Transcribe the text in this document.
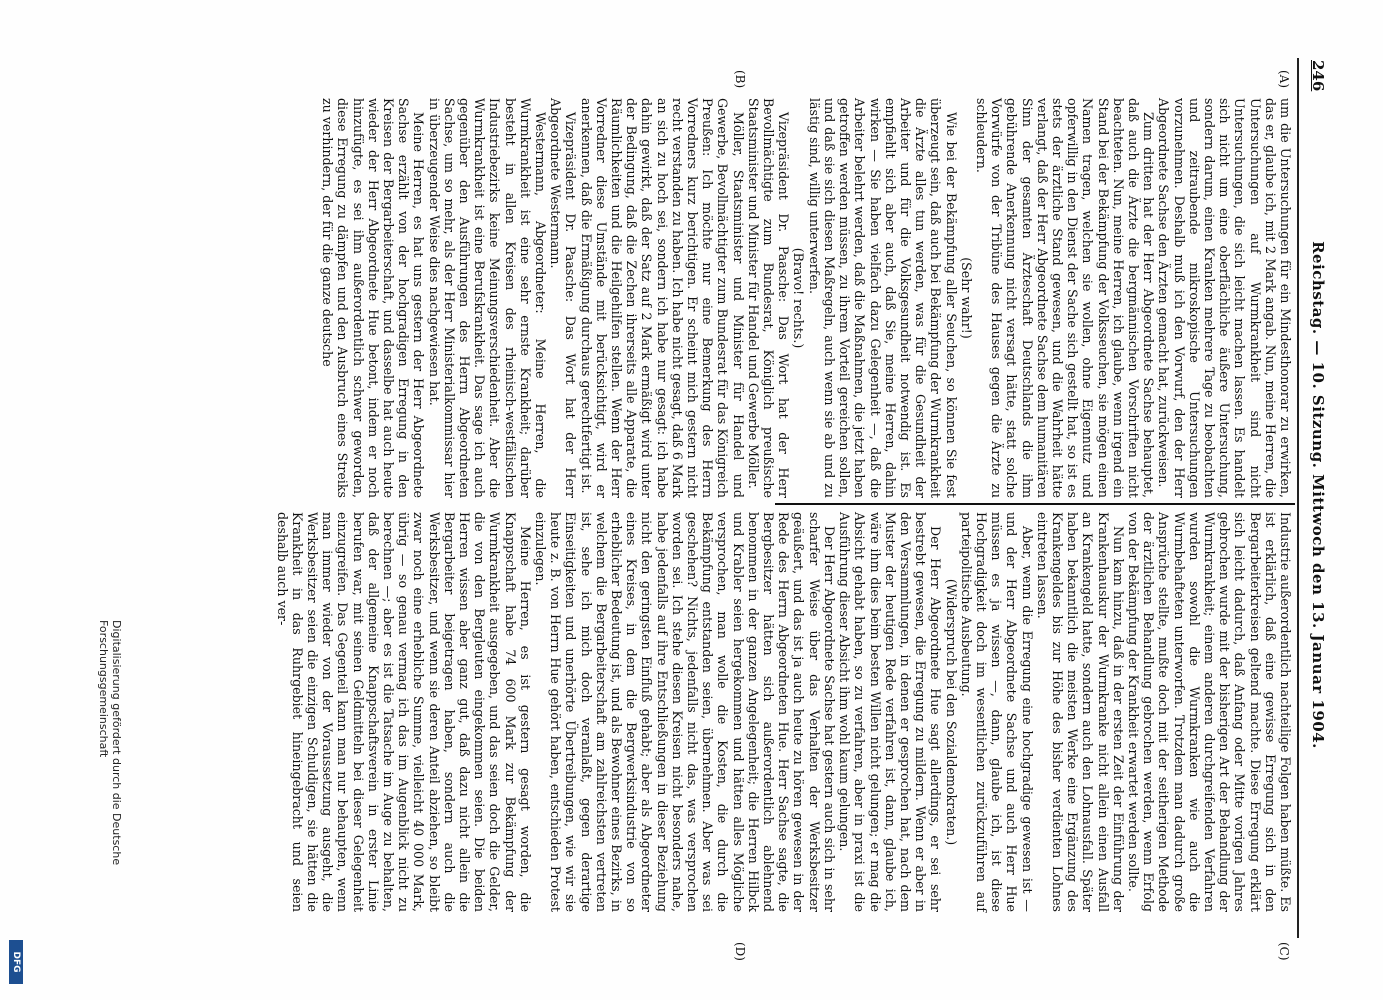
246
Reichstag. — 10. Sitzung. Mittwoch den 13. Januar 1904.
(A)
(B)
(C)
(D)

um die Untersuchungen für ein Mindesthonorar zu erwirken, das er, glaube ich, mit 2 Mark angab. Nun, meine Herren, die Untersuchungen auf Wurmkrankheit sind nicht Untersuchungen, die sich leicht machen lassen. Es handelt sich nicht um eine oberflächliche äußere Untersuchung, sondern darum, einen Kranken mehrere Tage zu beobachten und zeitraubende mikroskopische Untersuchungen vorzunehmen. Deshalb muß ich den Vorwurf, den der Herr Abgeordnete Sachse den Ärzten gemacht hat, zurückweisen.

Zum dritten hat der Herr Abgeordnete Sachse behauptet, daß auch die Ärzte die bergmännischen Vorschriften nicht beachteten. Nun, meine Herren, ich glaube, wenn irgend ein Stand bei der Bekämpfung der Volksseuchen, sie mögen einen Namen tragen, welchen sie wollen, ohne Eigennutz und opferwillig in den Dienst der Sache sich gestellt hat, so ist es stets der ärztliche Stand gewesen, und die Wahrheit hätte verlangt, daß der Herr Abgeordnete Sachse dem humanitären Sinn der gesamten Ärzteschaft Deutschlands die ihm gebührende Anerkennung nicht versagt hätte, statt solche Vorwürfe von der Tribüne des Hauses gegen die Ärzte zu schleudern.

(Sehr wahr!)

Wie bei der Bekämpfung aller Seuchen, so können Sie fest überzeugt sein, daß auch bei Bekämpfung der Wurmkrankheit die Ärzte alles tun werden, was für die Gesundheit der Arbeiter und für die Volksgesundheit notwendig ist. Es empfiehlt sich aber auch, daß Sie, meine Herren, dahin wirken — Sie haben vielfach dazu Gelegenheit —, daß die Arbeiter belehrt werden, daß die Maßnahmen, die jetzt haben getroffen werden müssen, zu ihrem Vorteil gereichen sollen, und daß sie sich diesen Maßregeln, auch wenn sie ab und zu lästig sind, willig unterwerfen.

(Bravo! rechts.)

Vizepräsident Dr. Paasche: Das Wort hat der Herr Bevollmächtigte zum Bundesrat, Königlich preußische Staatsminister und Minister für Handel und Gewerbe Möller.

Möller, Staatsminister und Minister für Handel und Gewerbe, Bevollmächtigter zum Bundesrat für das Königreich Preußen: Ich möchte nur eine Bemerkung des Herrn Vorredners kurz berichtigen. Er scheint mich gestern nicht recht verstanden zu haben. Ich habe nicht gesagt, daß 6 Mark an sich zu hoch sei, sondern ich habe nur gesagt: ich habe dahin gewirkt, daß der Satz auf 2 Mark ermäßigt wird unter der Bedingung, daß die Zechen ihrerseits alle Apparate, die Räumlichkeiten und die Heilgehilfen stellen. Wenn der Herr Vorredner diese Umstände mit berücksichtigt, wird er anerkennen, daß die Ermäßigung durchaus gerechtfertigt ist.

Vizepräsident Dr. Paasche: Das Wort hat der Herr Abgeordnete Westermann.

Westermann, Abgeordneter: Meine Herren, die Wurmkrankheit ist eine sehr ernste Krankheit; darüber besteht in allen Kreisen des rheinisch-westfälischen Industriebezirks keine Meinungsverschiedenheit. Aber die Wurmkrankheit ist eine Berufskrankheit. Das sage ich auch gegenüber den Ausführungen des Herrn Abgeordneten Sachse, um so mehr, als der Herr Ministerialkommissar hier in überzeugender Weise dies nachgewiesen hat.

Meine Herren, es hat uns gestern der Herr Abgeordnete Sachse erzählt von der hochgradigen Erregung in den Kreisen der Bergarbeiterschaft, und dasselbe hat auch heute wieder der Herr Abgeordnete Hue betont, indem er noch hinzufügte, es sei ihm außerordentlich schwer geworden, diese Erregung zu dämpfen und den Ausbruch eines Streiks zu verhindern, der für die ganze deutsche

Industrie außerordentlich nachteilige Folgen haben müßte. Es ist erklärlich, daß eine gewisse Erregung sich in den Bergarbeiterkreisen geltend machte. Diese Erregung erklärt sich leicht dadurch, daß Anfang oder Mitte vorigen Jahres gebrochen wurde mit der bisherigen Art der Behandlung der Wurmkrankheit; einem anderen durchgreifenden Verfahren wurden sowohl die Wurmkranken wie auch die Wurmbehafteten unterworfen. Trotzdem man dadurch große Ansprüche stellte, mußte doch mit der seitherigen Methode der ärztlichen Behandlung gebrochen werden, wenn Erfolg von der Bekämpfung der Krankheit erwartet werden sollte.

Nun kam hinzu, daß in der ersten Zeit der Einführung der Krankenhauskur der Wurmkranke nicht allein einen Ausfall an Krankengeld hatte, sondern auch den Lohnausfall. Später haben bekanntlich die meisten Werke eine Ergänzung des Krankengeldes bis zur Höhe des bisher verdienten Lohnes eintreten lassen.

Aber, wenn die Erregung eine hochgradige gewesen ist — und der Herr Abgeordnete Sachse und auch Herr Hue müssen es ja wissen —, dann, glaube ich, ist diese Hochgradigkeit doch im wesentlichen zurückzuführen auf parteipolitische Ausbeutung.

(Widerspruch bei den Sozialdemokraten.)

Der Herr Abgeordnete Hue sagt allerdings, er sei sehr bestrebt gewesen, die Erregung zu mildern. Wenn er aber in den Versammlungen, in denen er gesprochen hat, nach dem Muster der heutigen Rede verfahren ist, dann, glaube ich, wäre ihm dies beim besten Willen nicht gelungen; er mag die Absicht gehabt haben, so zu verfahren, aber in praxi ist die Ausführung dieser Absicht ihm wohl kaum gelungen.

Der Herr Abgeordnete Sachse hat gestern auch sich in sehr scharfer Weise über das Verhalten der Werksbesitzer geäußert, und das ist ja auch heute zu hören gewesen in der Rede des Herrn Abgeordneten Hue. Herr Sachse sagte, die Bergbesitzer hätten sich außerordentlich ablehnend benommen in der ganzen Angelegenheit; die Herren Hilbck und Krabler seien hergekommen und hätten alles Mögliche versprochen, man wolle die Kosten, die durch die Bekämpfung entstanden seien, übernehmen. Aber was sei geschehen? Nichts, jedenfalls nicht das, was versprochen worden sei. Ich stehe diesen Kreisen nicht besonders nahe, habe jedenfalls auf ihre Entschließungen in dieser Beziehung nicht den geringsten Einfluß gehabt; aber als Abgeordneter eines Kreises, in dem die Bergwerksindustrie von so erheblicher Bedeutung ist, und als Bewohner eines Bezirks, in welchem die Bergarbeiterschaft am zahlreichsten vertreten ist, sehe ich mich doch veranlaßt, gegen derartige Einseitigkeiten und unerhörte Übertreibungen, wie wir sie heute z. B. von Herrn Hue gehört haben, entschieden Protest einzulegen.

Meine Herren, es ist gestern gesagt worden, die Knappschaft habe 74 600 Mark zur Bekämpfung der Wurmkrankheit ausgegeben, und das seien doch die Gelder, die von den Bergleuten eingekommen seien. Die beiden Herren wissen aber ganz gut, daß dazu nicht allein die Bergarbeiter beigetragen haben, sondern auch die Werksbesitzer, und wenn sie deren Anteil abziehen, so bleibt zwar noch eine erhebliche Summe, vielleicht 40 000 Mark, übrig — so genau vermag ich das im Augenblick nicht zu berechnen —; aber es ist die Tatsache im Auge zu behalten, daß der allgemeine Knappschaftsverein in erster Linie berufen war, mit seinen Geldmitteln bei dieser Gelegenheit einzugreifen. Das Gegenteil kann man nur behaupten, wenn man immer wieder von der Voraussetzung ausgeht, die Werksbesitzer seien die einzigen Schuldigen, sie hätten die Krankheit in das Ruhrgebiet hineingebracht und seien deshalb auch ver-

Digitalisierung gefördert durch die Deutsche Forschungsgemeinschaft
DFG
